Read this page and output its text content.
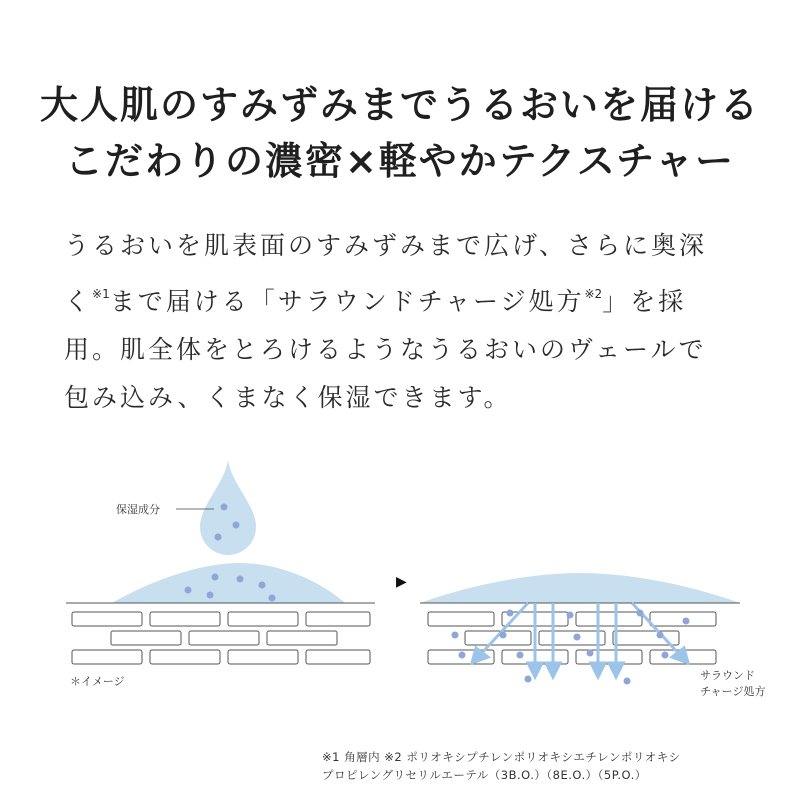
大人肌のすみずみまでうるおいを届ける
こだわりの濃密×軽やかテクスチャー
うるおいを肌表面のすみずみまで広げ、さらに奥深
く$^{※1}$まで届ける「サラウンドチャージ処方$^{※2}$」を採
用。肌全体をとろけるようなうるおいのヴェールで
包み込み、くまなく保湿できます。
保湿成分
＊イメージ
▶
サラウンド
チャージ処方
※1 角層内 ※2 ポリオキシプチレンポリオキシエチレンポリオキシ
プロピレングリセリルエーテル（3B.O.）（8E.O.）（5P.O.）
